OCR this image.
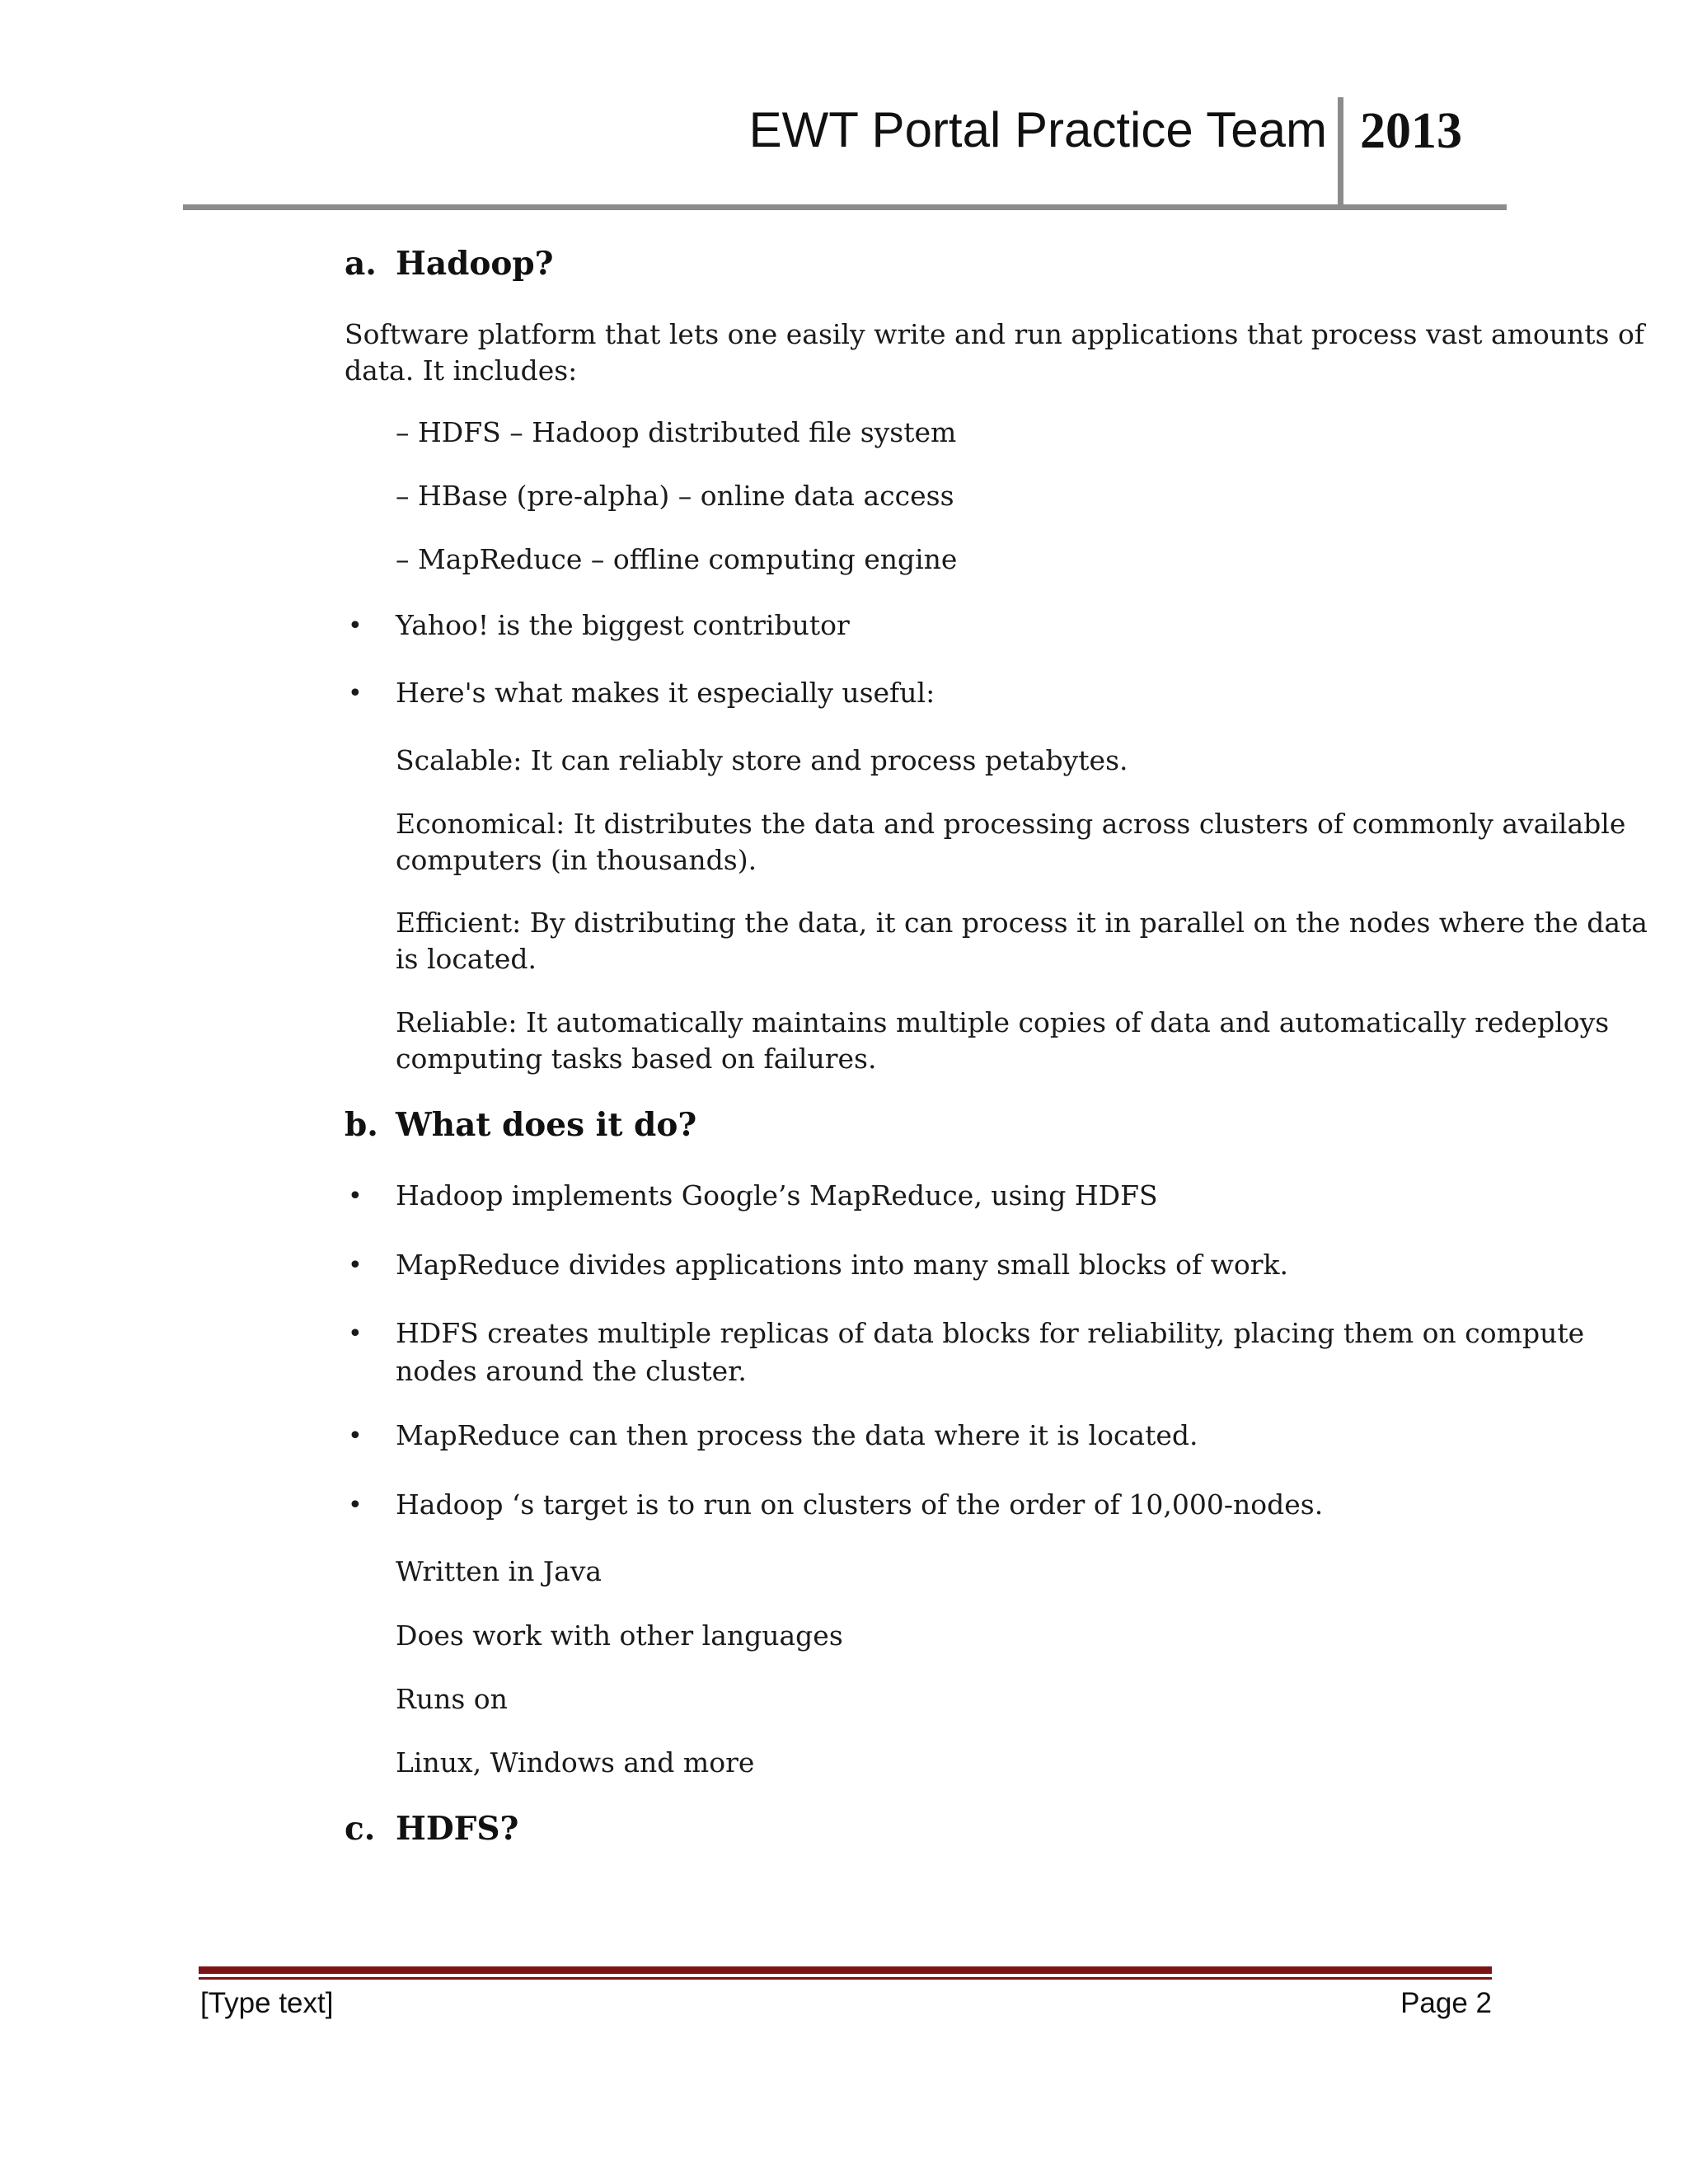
EWT Portal Practice Team 2013
a. Hadoop?
Software platform that lets one easily write and run applications that process vast amounts of
data. It includes:
– HDFS – Hadoop distributed file system
– HBase (pre-alpha) – online data access
– MapReduce – offline computing engine
• Yahoo! is the biggest contributor
• Here's what makes it especially useful:
Scalable: It can reliably store and process petabytes.
Economical: It distributes the data and processing across clusters of commonly available
computers (in thousands).
Efficient: By distributing the data, it can process it in parallel on the nodes where the data
is located.
Reliable: It automatically maintains multiple copies of data and automatically redeploys
computing tasks based on failures.
b. What does it do?
• Hadoop implements Google’s MapReduce, using HDFS
• MapReduce divides applications into many small blocks of work.
• HDFS creates multiple replicas of data blocks for reliability, placing them on compute
nodes around the cluster.
• MapReduce can then process the data where it is located.
• Hadoop ‘s target is to run on clusters of the order of 10,000-nodes.
Written in Java
Does work with other languages
Runs on
Linux, Windows and more
c. HDFS?
[Type text]	Page 2
